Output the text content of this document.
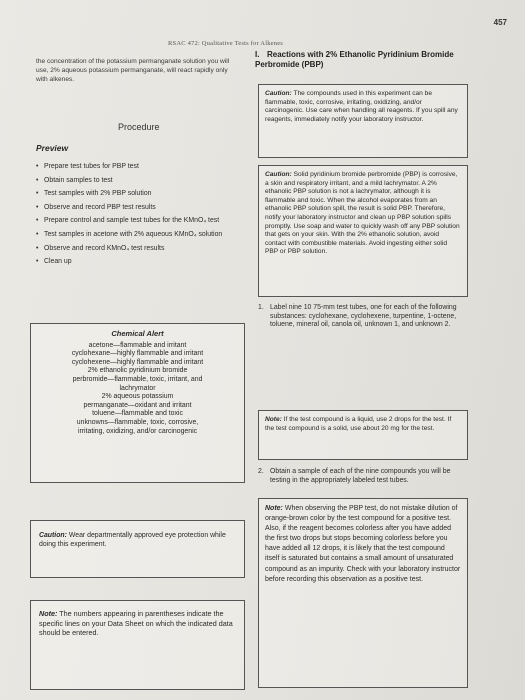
457
RSAC 472: Qualitative Tests for Alkenes
the concentration of the potassium permanganate solution you will use, 2% aqueous potassium permanganate, will react rapidly only with alkenes.
I. Reactions with 2% Ethanolic Pyridinium Bromide Perbromide (PBP)
Procedure
Preview
• Prepare test tubes for PBP test
• Obtain samples to test
• Test samples with 2% PBP solution
• Observe and record PBP test results
• Prepare control and sample test tubes for the KMnO₄ test
• Test samples in acetone with 2% aqueous KMnO₄ solution
• Observe and record KMnO₄ test results
• Clean up
Chemical Alert
acetone—flammable and irritant
cyclohexane—highly flammable and irritant
cyclohexene—highly flammable and irritant
2% ethanolic pyridinium bromide
perbromide—flammable, toxic, irritant, and
lachrymator
2% aqueous potassium
permanganate—oxidant and irritant
toluene—flammable and toxic
unknowns—flammable, toxic, corrosive,
irritating, oxidizing, and/or carcinogenic
Caution: The compounds used in this experiment can be flammable, toxic, corrosive, irritating, oxidizing, and/or carcinogenic. Use care when handling all reagents. If you spill any reagents, immediately notify your laboratory instructor.
Caution: Solid pyridinium bromide perbromide (PBP) is corrosive, a skin and respiratory irritant, and a mild lachrymator. A 2% ethanolic PBP solution is not a lachrymator, although it is flammable and toxic. When the alcohol evaporates from an ethanolic PBP solution spill, the result is solid PBP. Therefore, notify your laboratory instructor and clean up PBP solution spills promptly. Use soap and water to quickly wash off any PBP solution that gets on your skin. With the 2% ethanolic solution, avoid contact with combustible materials. Avoid ingesting either solid PBP or PBP solution.
1. Label nine 10 75-mm test tubes, one for each of the following substances: cyclohexane, cyclohexene, turpentine, 1-octene, toluene, mineral oil, canola oil, unknown 1, and unknown 2.
Note: If the test compound is a liquid, use 2 drops for the test. If the test compound is a solid, use about 20 mg for the test.
2. Obtain a sample of each of the nine compounds you will be testing in the appropriately labeled test tubes.
Note: When observing the PBP test, do not mistake dilution of orange-brown color by the test compound for a positive test. Also, if the reagent becomes colorless after you have added the first two drops but stops becoming colorless before you have added all 12 drops, it is likely that the test compound itself is saturated but contains a small amount of unsaturated compound as an impurity. Check with your laboratory instructor before recording this observation as a positive test.
Caution: Wear departmentally approved eye protection while doing this experiment.
Note: The numbers appearing in parentheses indicate the specific lines on your Data Sheet on which the indicated data should be entered.
